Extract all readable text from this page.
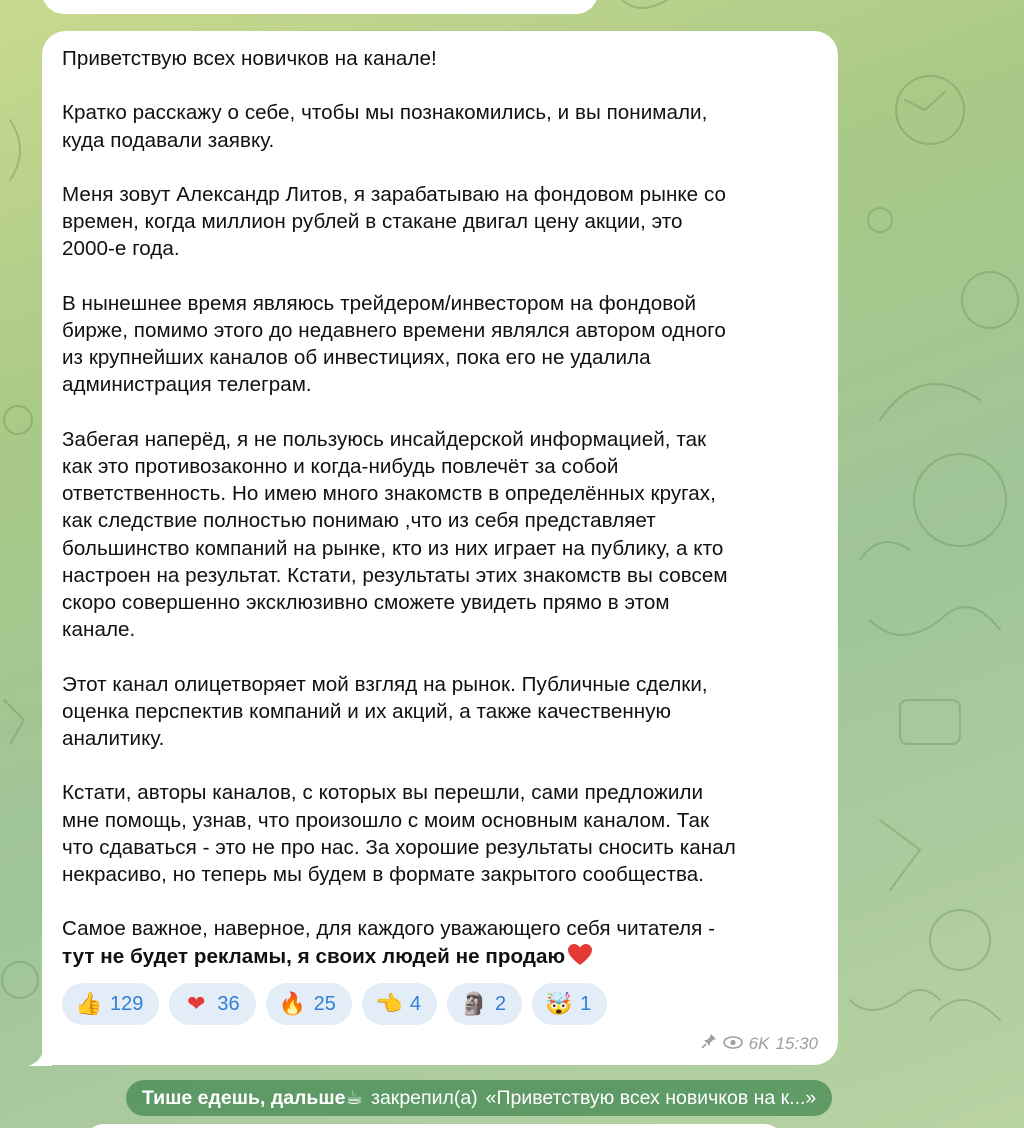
Приветствую всех новичков на канале!

Кратко расскажу о себе, чтобы мы познакомились, и вы понимали,

куда подавали заявку.

Меня зовут Александр Литов, я зарабатываю на фондовом рынке со

времен, когда миллион рублей в стакане двигал цену акции, это

2000-е года.

В нынешнее время являюсь трейдером/инвестором на фондовой

бирже, помимо этого до недавнего времени являлся автором одного

из крупнейших каналов об инвестициях, пока его не удалила

администрация телеграм.

Забегая наперёд, я не пользуюсь инсайдерской информацией, так

как это противозаконно и когда-нибудь повлечёт за собой

ответственность. Но имею много знакомств в определённых кругах,

как следствие полностью понимаю ,что из себя представляет

большинство компаний на рынке, кто из них играет на публику, а кто

настроен на результат. Кстати, результаты этих знакомств вы совсем

скоро совершенно эксклюзивно сможете увидеть прямо в этом

канале.

Этот канал олицетворяет мой взгляд на рынок. Публичные сделки,

оценка перспектив компаний и их акций, а также качественную

аналитику.

Кстати, авторы каналов, с которых вы перешли, сами предложили

мне помощь, узнав, что произошло с моим основным каналом. Так

что сдаваться - это не про нас. За хорошие результаты сносить канал

некрасиво, но теперь мы будем в формате закрытого сообщества.

Самое важное, наверное, для каждого уважающего себя читателя -

тут не будет рекламы, я своих людей не продаю

👍 129 ❤ 36 🔥 25 👈 4 🗿 2 🤯 1
6K 15:30
Тише едешь, дальше ☕ закрепил(а) «Приветствую всех новичков на к...»
